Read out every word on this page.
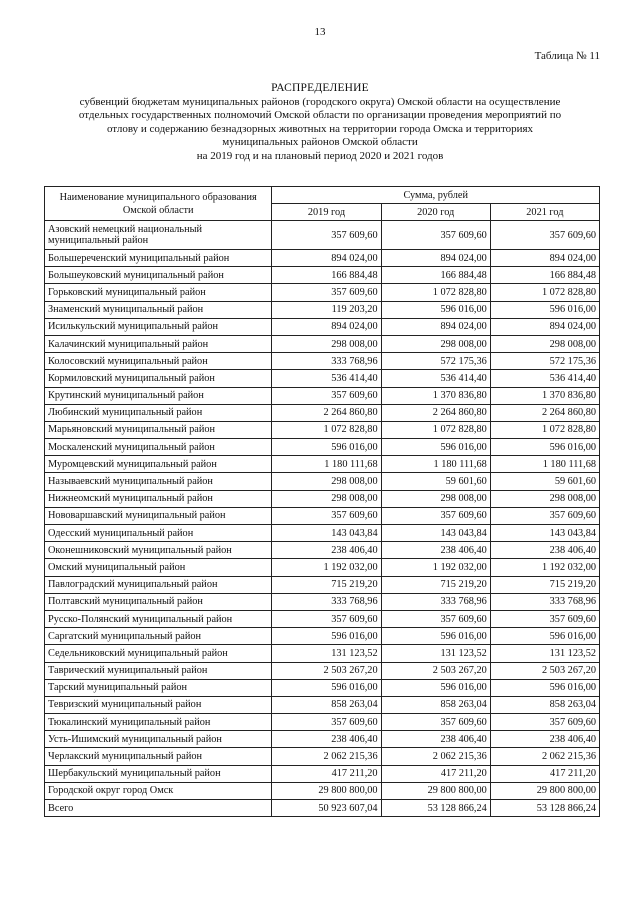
13
Таблица № 11
РАСПРЕДЕЛЕНИЕ
субвенций бюджетам муниципальных районов (городского округа) Омской области на осуществление
отдельных государственных полномочий Омской области по организации проведения мероприятий по
отлову и содержанию безнадзорных животных на территории города Омска и территориях
муниципальных районов Омской области
на 2019 год и на плановый период 2020 и 2021 годов
Наименование муниципального образования Омской области	Сумма, рублей		
	2019 год	2020 год	2021 год
Азовский немецкий национальный муниципальный район	357 609,60	357 609,60	357 609,60
Большереченский муниципальный район	894 024,00	894 024,00	894 024,00
Большеуковский муниципальный район	166 884,48	166 884,48	166 884,48
Горьковский муниципальный район	357 609,60	1 072 828,80	1 072 828,80
Знаменский муниципальный район	119 203,20	596 016,00	596 016,00
Исилькульский муниципальный район	894 024,00	894 024,00	894 024,00
Калачинский муниципальный район	298 008,00	298 008,00	298 008,00
Колосовский муниципальный район	333 768,96	572 175,36	572 175,36
Кормиловский муниципальный район	536 414,40	536 414,40	536 414,40
Крутинский муниципальный район	357 609,60	1 370 836,80	1 370 836,80
Любинский муниципальный район	2 264 860,80	2 264 860,80	2 264 860,80
Марьяновский муниципальный район	1 072 828,80	1 072 828,80	1 072 828,80
Москаленский муниципальный район	596 016,00	596 016,00	596 016,00
Муромцевский муниципальный район	1 180 111,68	1 180 111,68	1 180 111,68
Называевский муниципальный район	298 008,00	59 601,60	59 601,60
Нижнеомский муниципальный район	298 008,00	298 008,00	298 008,00
Нововаршавский муниципальный район	357 609,60	357 609,60	357 609,60
Одесский муниципальный район	143 043,84	143 043,84	143 043,84
Оконешниковский муниципальный район	238 406,40	238 406,40	238 406,40
Омский муниципальный район	1 192 032,00	1 192 032,00	1 192 032,00
Павлоградский муниципальный район	715 219,20	715 219,20	715 219,20
Полтавский муниципальный район	333 768,96	333 768,96	333 768,96
Русско-Полянский муниципальный район	357 609,60	357 609,60	357 609,60
Саргатский муниципальный район	596 016,00	596 016,00	596 016,00
Седельниковский муниципальный район	131 123,52	131 123,52	131 123,52
Таврический муниципальный район	2 503 267,20	2 503 267,20	2 503 267,20
Тарский муниципальный район	596 016,00	596 016,00	596 016,00
Тевризский муниципальный район	858 263,04	858 263,04	858 263,04
Тюкалинский муниципальный район	357 609,60	357 609,60	357 609,60
Усть-Ишимский муниципальный район	238 406,40	238 406,40	238 406,40
Черлакский муниципальный район	2 062 215,36	2 062 215,36	2 062 215,36
Шербакульский муниципальный район	417 211,20	417 211,20	417 211,20
Городской округ город Омск	29 800 800,00	29 800 800,00	29 800 800,00
Всего	50 923 607,04	53 128 866,24	53 128 866,24
